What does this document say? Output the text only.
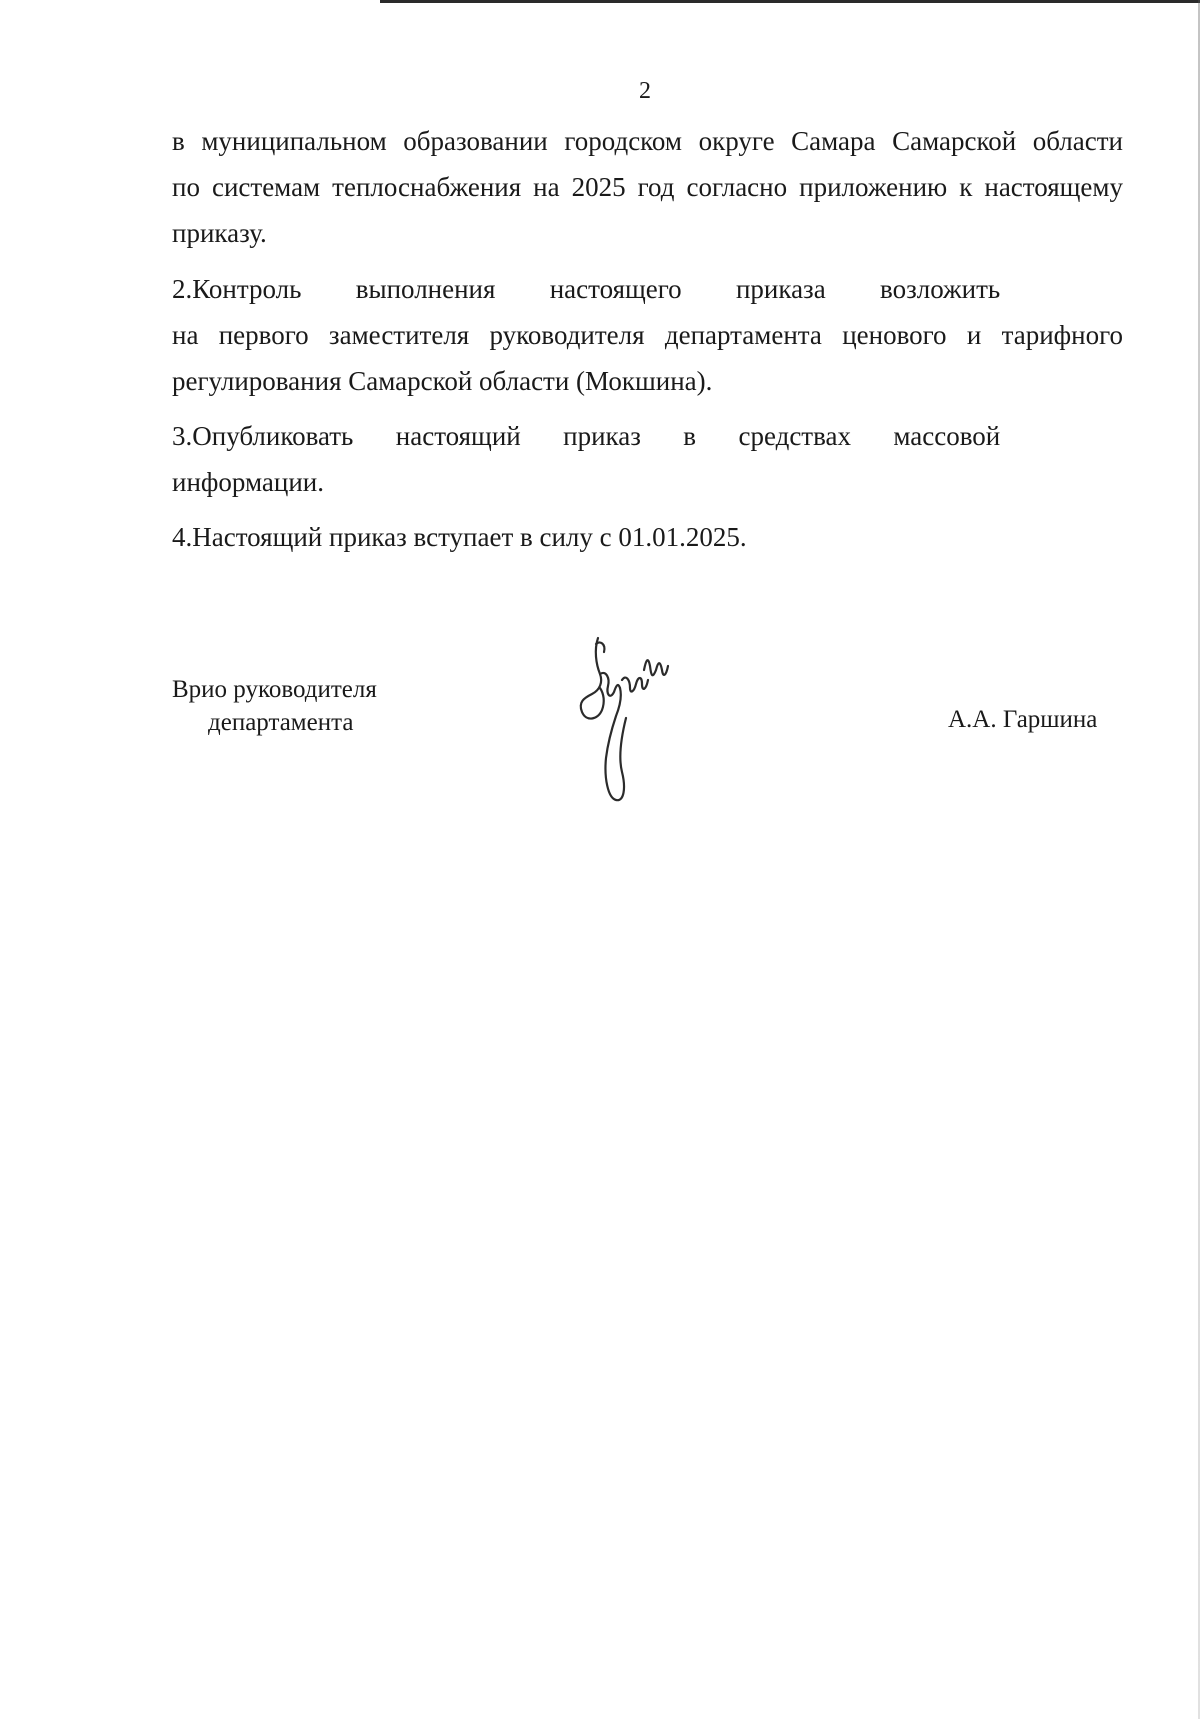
2
в муниципальном образовании городском округе Самара Самарской области
по системам теплоснабжения на 2025 год согласно приложению к настоящему
приказу.
2.Контроль выполнения настоящего приказа возложить
на первого заместителя руководителя департамента ценового и тарифного
регулирования Самарской области (Мокшина).
3.Опубликовать настоящий приказ в средствах массовой
информации.
4.Настоящий приказ вступает в силу с 01.01.2025.
Врио руководителя
департамента	А.А. Гаршина
